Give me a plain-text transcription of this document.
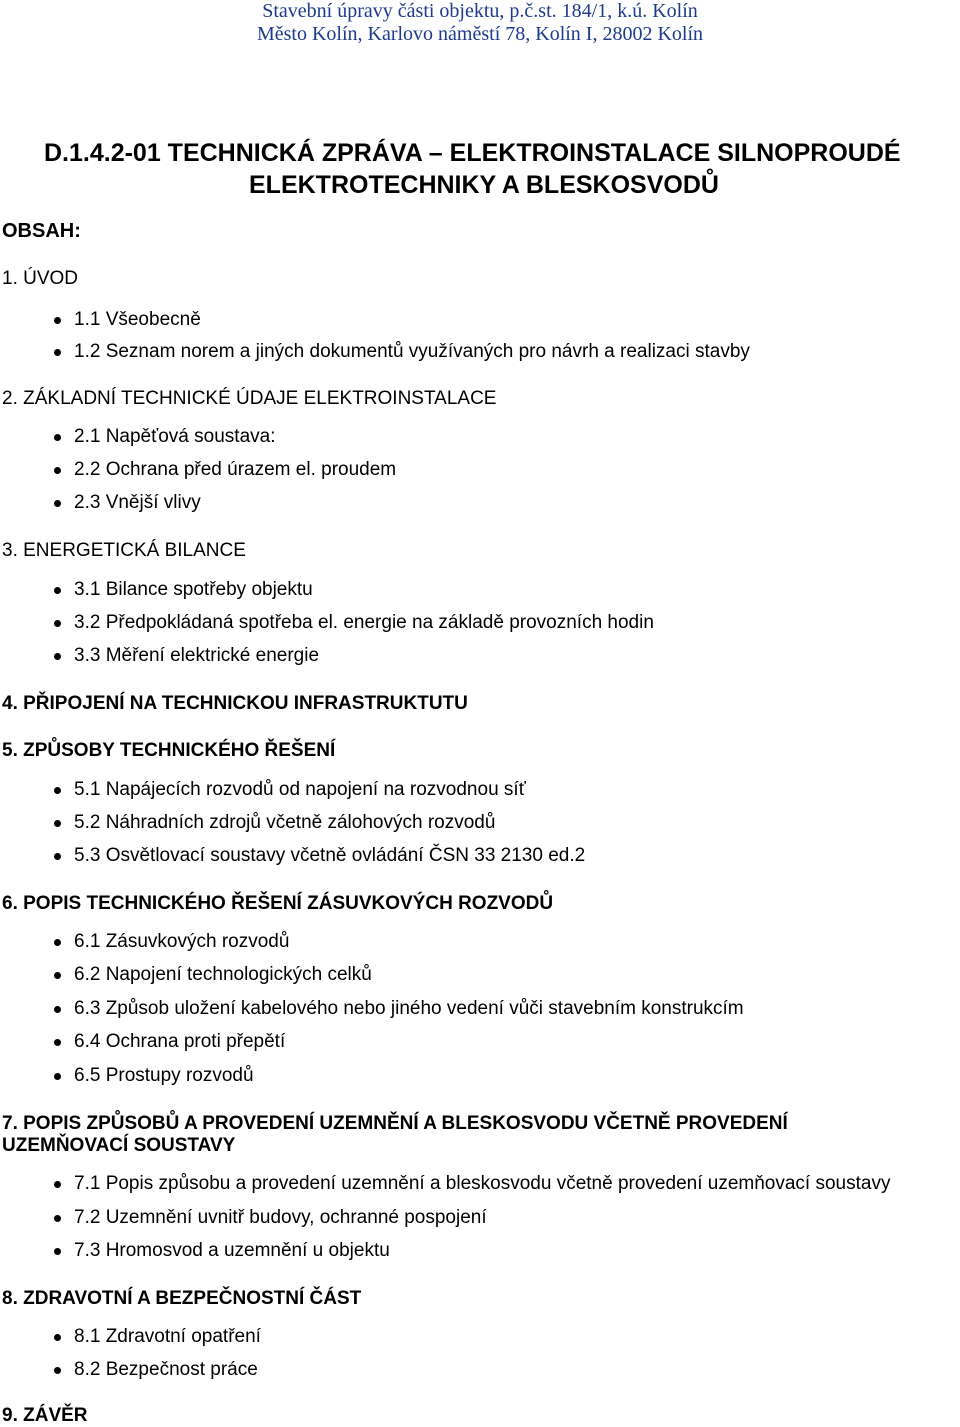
Stavební úpravy části objektu, p.č.st. 184/1, k.ú. Kolín
Město Kolín, Karlovo náměstí 78, Kolín I, 28002 Kolín
D.1.4.2-01 TECHNICKÁ ZPRÁVA – ELEKTROINSTALACE SILNOPROUDÉ
ELEKTROTECHNIKY A BLESKOSVODŮ
OBSAH:
1. ÚVOD
1.1 Všeobecně
1.2 Seznam norem a jiných dokumentů využívaných pro návrh a realizaci stavby
2. ZÁKLADNÍ TECHNICKÉ ÚDAJE ELEKTROINSTALACE
2.1 Napěťová soustava:
2.2 Ochrana před úrazem el. proudem
2.3 Vnější vlivy
3. ENERGETICKÁ BILANCE
3.1 Bilance spotřeby objektu
3.2 Předpokládaná spotřeba el. energie na základě provozních hodin
3.3 Měření elektrické energie
4. PŘIPOJENÍ NA TECHNICKOU INFRASTRUKTUTU
5. ZPŮSOBY TECHNICKÉHO ŘEŠENÍ
5.1 Napájecích rozvodů od napojení na rozvodnou síť
5.2 Náhradních zdrojů včetně zálohových rozvodů
5.3 Osvětlovací soustavy včetně ovládání ČSN 33 2130 ed.2
6. POPIS TECHNICKÉHO ŘEŠENÍ ZÁSUVKOVÝCH ROZVODŮ
6.1 Zásuvkových rozvodů
6.2 Napojení technologických celků
6.3 Způsob uložení kabelového nebo jiného vedení vůči stavebním konstrukcím
6.4 Ochrana proti přepětí
6.5 Prostupy rozvodů
7. POPIS ZPŮSOBŮ A PROVEDENÍ UZEMNĚNÍ A BLESKOSVODU VČETNĚ PROVEDENÍ
UZEMŇOVACÍ SOUSTAVY
7.1 Popis způsobu a provedení uzemnění a bleskosvodu včetně provedení uzemňovací soustavy
7.2 Uzemnění uvnitř budovy, ochranné pospojení
7.3 Hromosvod a uzemnění u objektu
8. ZDRAVOTNÍ A BEZPEČNOSTNÍ ČÁST
8.1 Zdravotní opatření
8.2 Bezpečnost práce
9. ZÁVĚR
